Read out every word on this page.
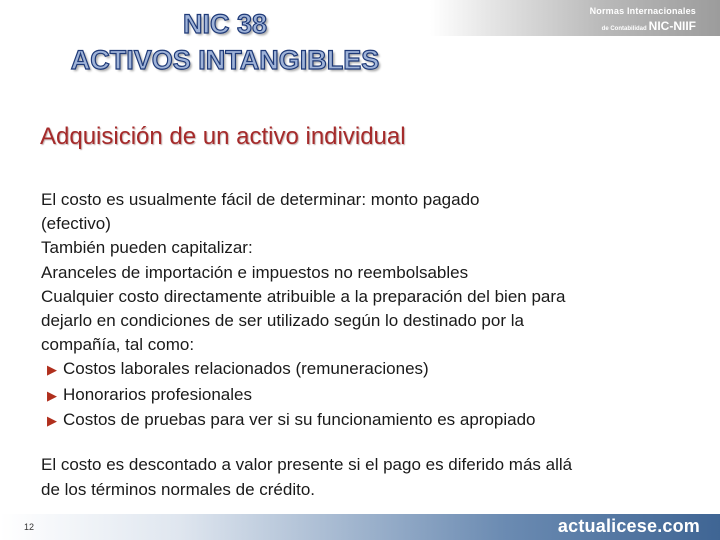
Normas Internacionales
de Contabilidad NIC-NIIF
NIC 38
ACTIVOS INTANGIBLES
Adquisición de un activo individual

El costo es usualmente fácil de determinar: monto pagado

(efectivo)

También pueden capitalizar:

Aranceles de importación e impuestos no reembolsables

Cualquier costo directamente atribuible a la preparación del bien para

dejarlo en condiciones de ser utilizado según lo destinado por la

compañía, tal como:

▶ Costos laborales relacionados (remuneraciones)

▶ Honorarios profesionales

▶ Costos de pruebas para ver si su funcionamiento es apropiado

El costo es descontado a valor presente si el pago es diferido más allá
de los términos normales de crédito.
12	actualicese.com
